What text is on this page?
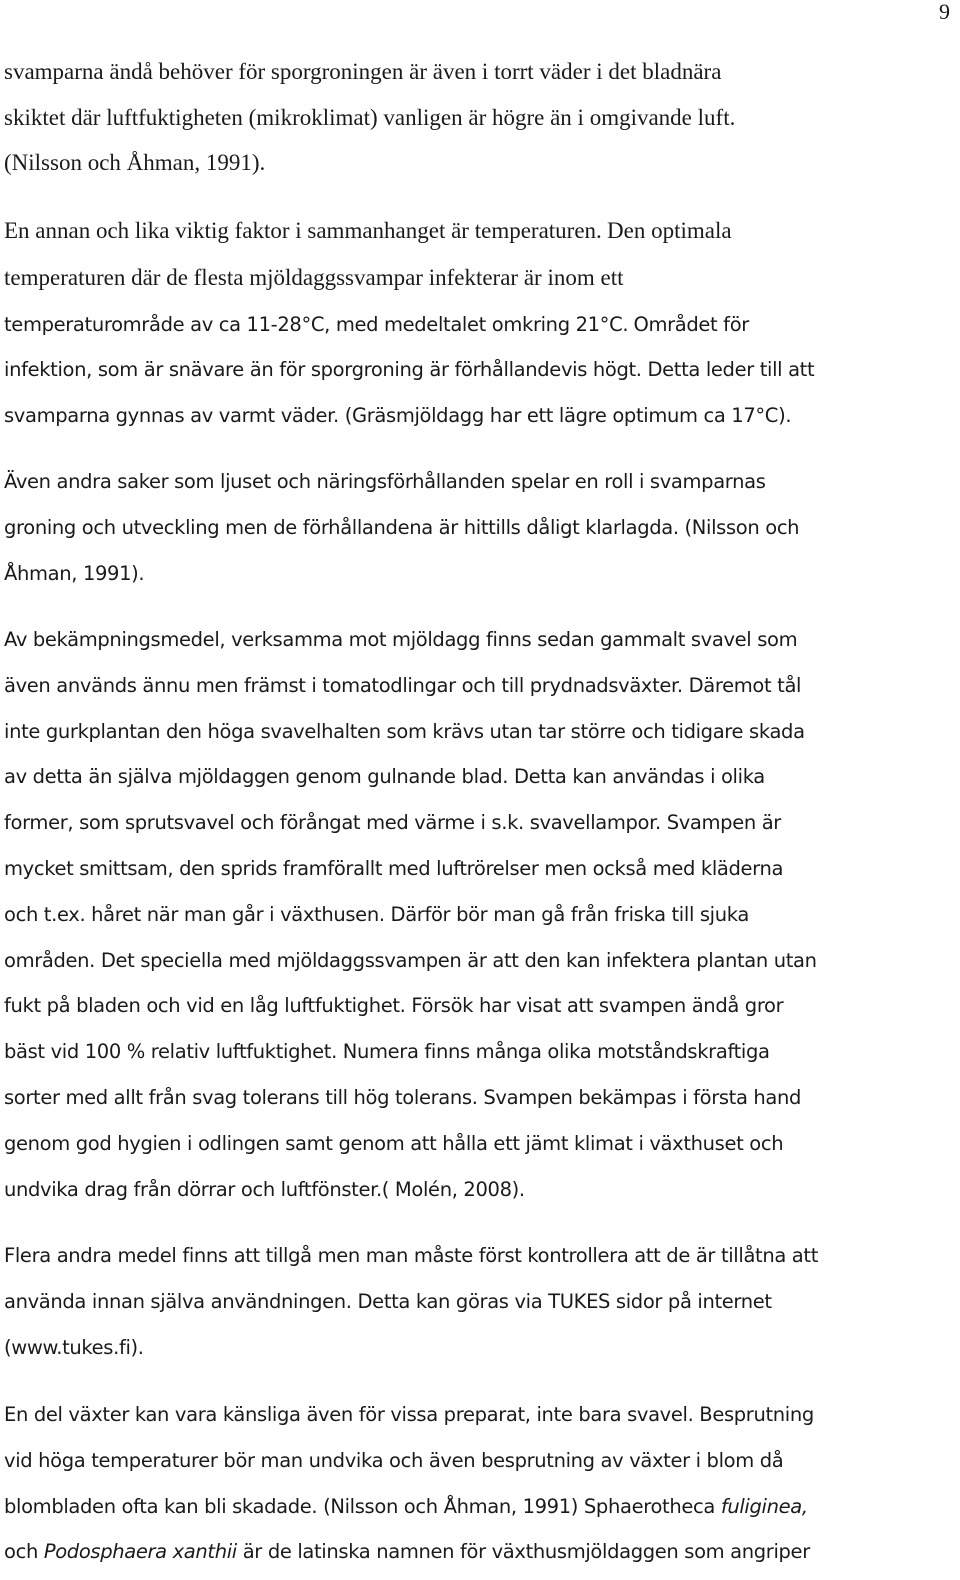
9

svamparna ändå behöver för sporgroningen är även i torrt väder i det bladnära
skiktet där luftfuktigheten (mikroklimat) vanligen är högre än i omgivande luft.
(Nilsson och Åhman, 1991).

En annan och lika viktig faktor i sammanhanget är temperaturen. Den optimala
temperaturen där de flesta mjöldaggssvampar infekterar är inom ett
temperaturområde av ca 11-28°C, med medeltalet omkring 21°C. Området för
infektion, som är snävare än för sporgroning är förhållandevis högt. Detta leder till att
svamparna gynnas av varmt väder. (Gräsmjöldagg har ett lägre optimum ca 17°C).

Även andra saker som ljuset och näringsförhållanden spelar en roll i svamparnas
groning och utveckling men de förhållandena är hittills dåligt klarlagda. (Nilsson och
Åhman, 1991).

Av bekämpningsmedel, verksamma mot mjöldagg finns sedan gammalt svavel som
även används ännu men främst i tomatodlingar och till prydnadsväxter. Däremot tål
inte gurkplantan den höga svavelhalten som krävs utan tar större och tidigare skada
av detta än själva mjöldaggen genom gulnande blad. Detta kan användas i olika
former, som sprutsvavel och förångat med värme i s.k. svavellampor. Svampen är
mycket smittsam, den sprids framförallt med luftrörelser men också med kläderna
och t.ex. håret när man går i växthusen. Därför bör man gå från friska till sjuka
områden. Det speciella med mjöldaggssvampen är att den kan infektera plantan utan
fukt på bladen och vid en låg luftfuktighet. Försök har visat att svampen ändå gror
bäst vid 100 % relativ luftfuktighet. Numera finns många olika motståndskraftiga
sorter med allt från svag tolerans till hög tolerans. Svampen bekämpas i första hand
genom god hygien i odlingen samt genom att hålla ett jämt klimat i växthuset och
undvika drag från dörrar och luftfönster.( Molén, 2008).

Flera andra medel finns att tillgå men man måste först kontrollera att de är tillåtna att
använda innan själva användningen. Detta kan göras via TUKES sidor på internet
(www.tukes.fi).

En del växter kan vara känsliga även för vissa preparat, inte bara svavel. Besprutning
vid höga temperaturer bör man undvika och även besprutning av växter i blom då
blombladen ofta kan bli skadade. (Nilsson och Åhman, 1991) Sphaerotheca fuliginea,
och Podosphaera xanthii är de latinska namnen för växthusmjöldaggen som angriper
